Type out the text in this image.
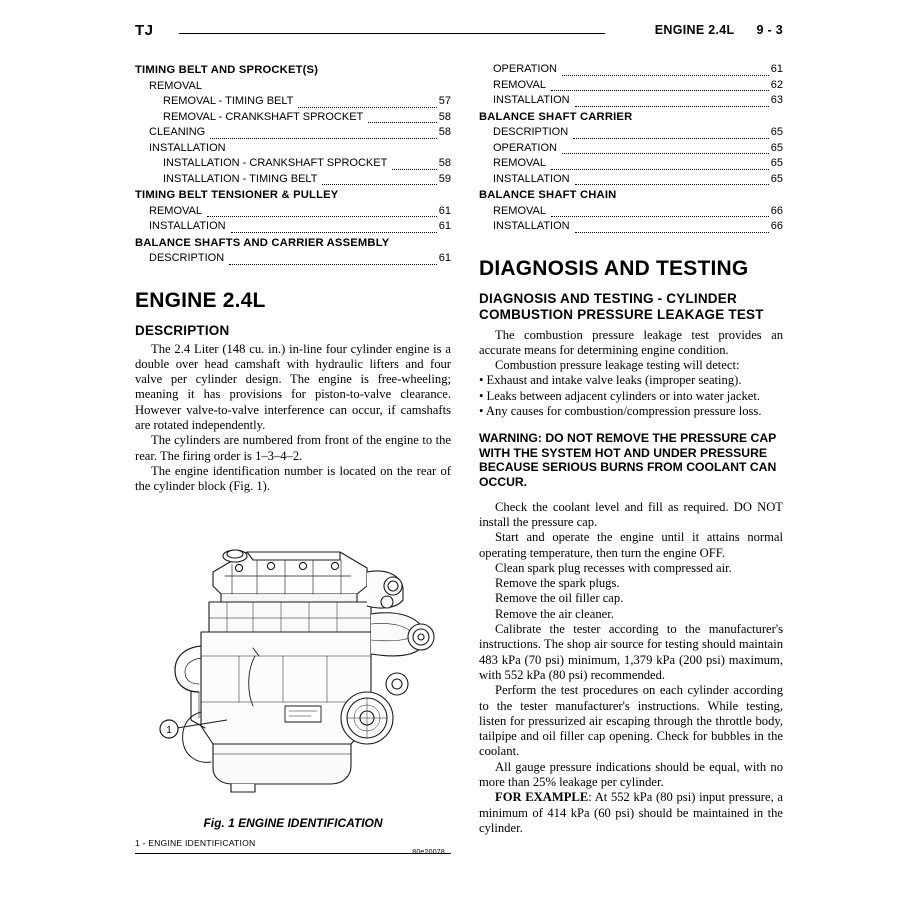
TJ	ENGINE 2.4L 9 - 3
TIMING BELT AND SPROCKET(S)
REMOVAL
REMOVAL - TIMING BELT	57
REMOVAL - CRANKSHAFT SPROCKET	58
CLEANING	58
INSTALLATION
INSTALLATION - CRANKSHAFT SPROCKET	58
INSTALLATION - TIMING BELT	59
TIMING BELT TENSIONER & PULLEY
REMOVAL	61
INSTALLATION	61
BALANCE SHAFTS AND CARRIER ASSEMBLY
DESCRIPTION	61
ENGINE 2.4L
DESCRIPTION

The 2.4 Liter (148 cu. in.) in-line four cylinder engine is a double over head camshaft with hydraulic lifters and four valve per cylinder design. The engine is free-wheeling; meaning it has provisions for piston-to-valve clearance. However valve-to-valve interference can occur, if camshafts are rotated independently.

The cylinders are numbered from front of the engine to the rear. The firing order is 1–3–4–2.

The engine identification number is located on the rear of the cylinder block (Fig. 1).

1
80e20078
Fig. 1 ENGINE IDENTIFICATION
1 - ENGINE IDENTIFICATION
OPERATION	61
REMOVAL	62
INSTALLATION	63
BALANCE SHAFT CARRIER
DESCRIPTION	65
OPERATION	65
REMOVAL	65
INSTALLATION	65
BALANCE SHAFT CHAIN
REMOVAL	66
INSTALLATION	66
DIAGNOSIS AND TESTING
DIAGNOSIS AND TESTING - CYLINDER COMBUSTION PRESSURE LEAKAGE TEST

The combustion pressure leakage test provides an accurate means for determining engine condition.

Combustion pressure leakage testing will detect:

• Exhaust and intake valve leaks (improper seating).

• Leaks between adjacent cylinders or into water jacket.

• Any causes for combustion/compression pressure loss.

WARNING: DO NOT REMOVE THE PRESSURE CAP WITH THE SYSTEM HOT AND UNDER PRESSURE BECAUSE SERIOUS BURNS FROM COOLANT CAN OCCUR.

Check the coolant level and fill as required. DO NOT install the pressure cap.

Start and operate the engine until it attains normal operating temperature, then turn the engine OFF.

Clean spark plug recesses with compressed air.

Remove the spark plugs.

Remove the oil filler cap.

Remove the air cleaner.

Calibrate the tester according to the manufacturer's instructions. The shop air source for testing should maintain 483 kPa (70 psi) minimum, 1,379 kPa (200 psi) maximum, with 552 kPa (80 psi) recommended.

Perform the test procedures on each cylinder according to the tester manufacturer's instructions. While testing, listen for pressurized air escaping through the throttle body, tailpipe and oil filler cap opening. Check for bubbles in the coolant.

All gauge pressure indications should be equal, with no more than 25% leakage per cylinder.

FOR EXAMPLE: At 552 kPa (80 psi) input pressure, a minimum of 414 kPa (60 psi) should be maintained in the cylinder.
